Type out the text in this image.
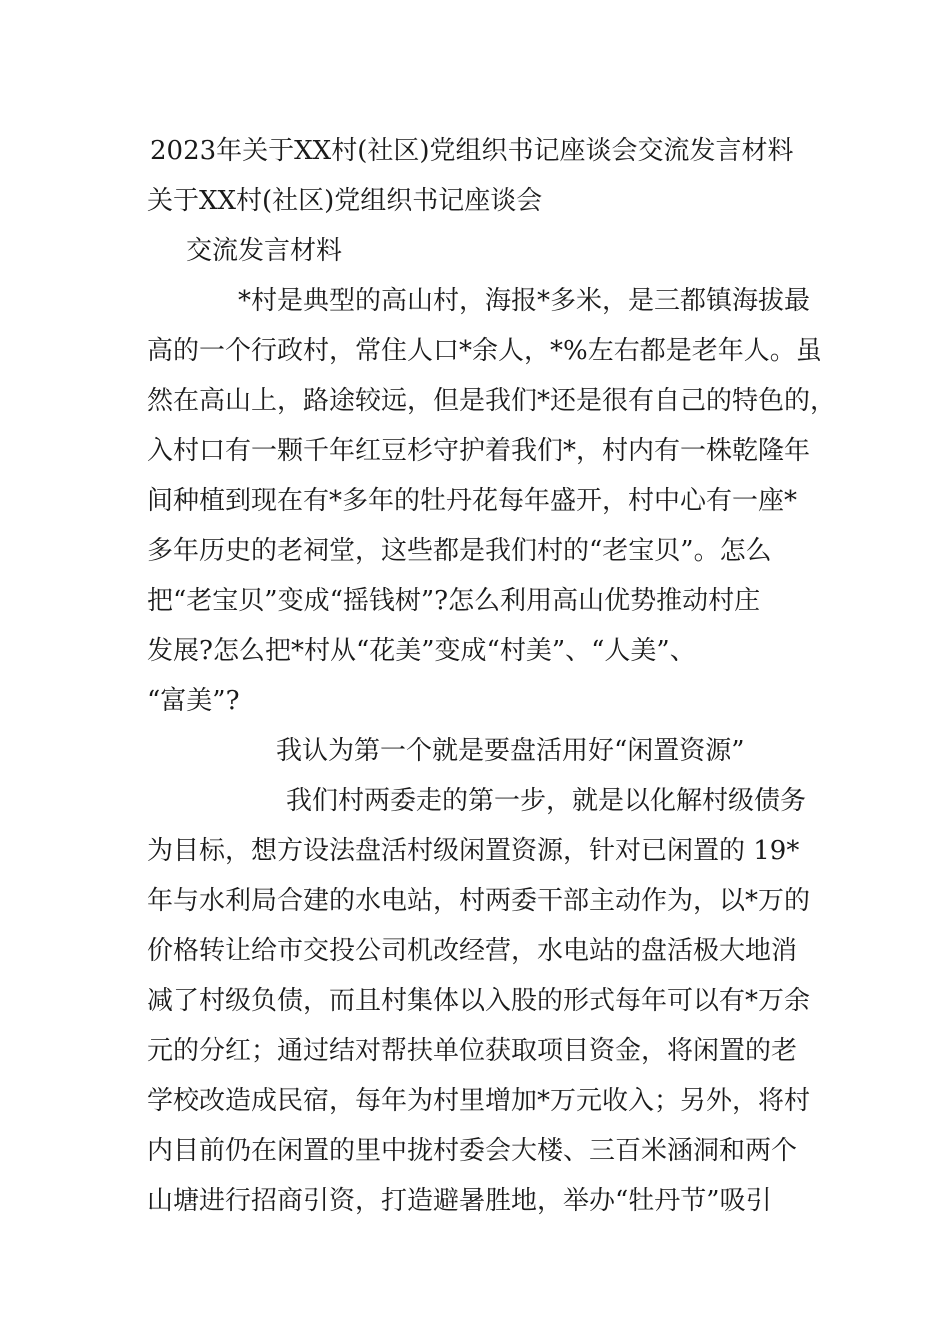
2023年关于XX村(社区)党组织书记座谈会交流发言材料
关于XX村(社区)党组织书记座谈会
交流发言材料
*村是典型的高山村，海报*多米，是三都镇海拔最
高的一个行政村，常住人口*余人，*%左右都是老年人。虽
然在高山上，路途较远，但是我们*还是很有自己的特色的，
入村口有一颗千年红豆杉守护着我们*，村内有一株乾隆年
间种植到现在有*多年的牡丹花每年盛开，村中心有一座*
多年历史的老祠堂，这些都是我们村的“老宝贝”。怎么
把“老宝贝”变成“摇钱树”?怎么利用高山优势推动村庄
发展?怎么把*村从“花美”变成“村美”、“人美”、
“富美”?
我认为第一个就是要盘活用好“闲置资源”
我们村两委走的第一步，就是以化解村级债务
为目标，想方设法盘活村级闲置资源，针对已闲置的 19*
年与水利局合建的水电站，村两委干部主动作为，以*万的
价格转让给市交投公司机改经营，水电站的盘活极大地消
减了村级负债，而且村集体以入股的形式每年可以有*万余
元的分红；通过结对帮扶单位获取项目资金，将闲置的老
学校改造成民宿，每年为村里增加*万元收入；另外，将村
内目前仍在闲置的里中拢村委会大楼、三百米涵洞和两个
山塘进行招商引资，打造避暑胜地，举办“牡丹节”吸引
